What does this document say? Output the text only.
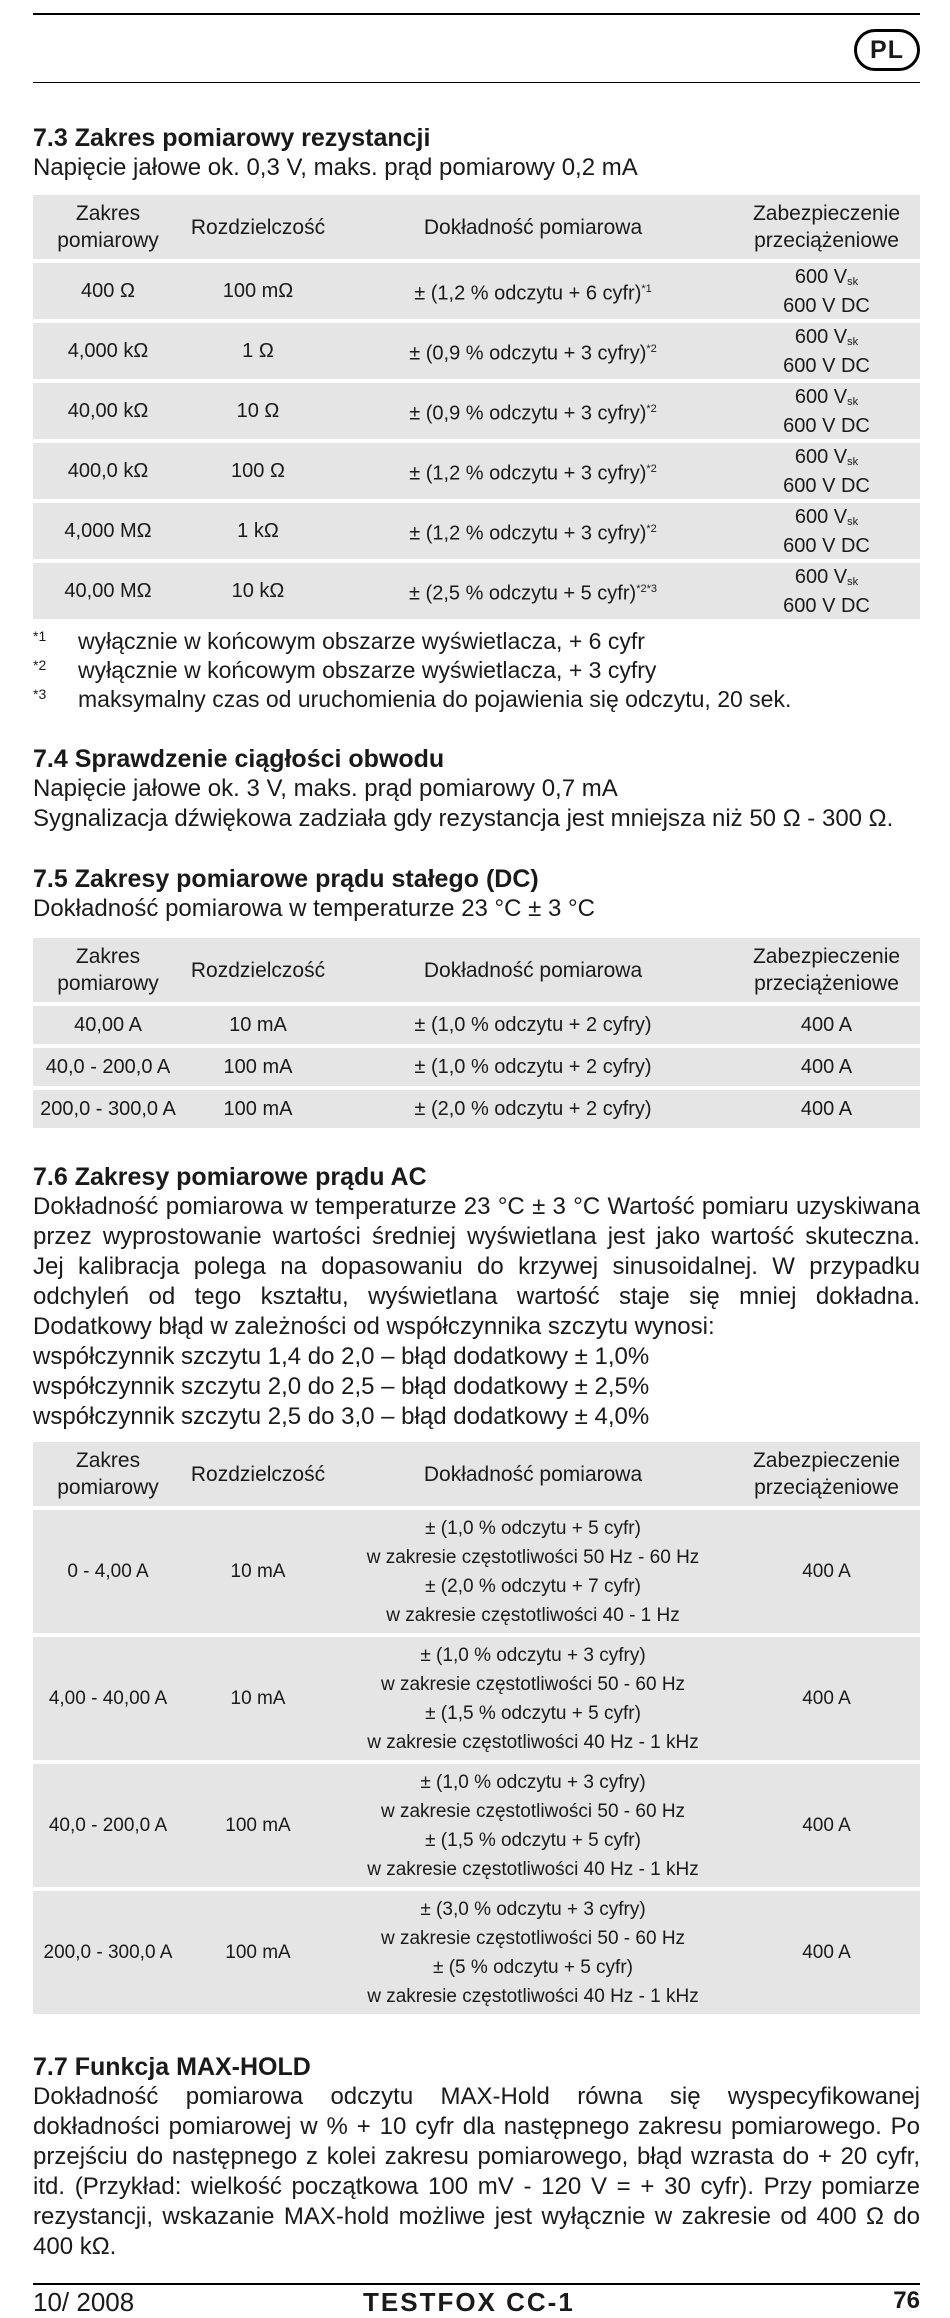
PL
7.3 Zakres pomiarowy rezystancji

Napięcie jałowe ok. 0,3 V, maks. prąd pomiarowy 0,2 mA

Zakres pomiarowy	Rozdzielczość	Dokładność pomiarowa	Zabezpieczenie przeciążeniowe
400 Ω	100 mΩ	± (1,2 % odczytu + 6 cyfr)$^{*1}$	600 $V_{sk}$
600 V DC

4,000 kΩ	1 Ω	± (0,9 % odczytu + 3 cyfry)$^{*2}$	600 $V_{sk}$
600 V DC

40,00 kΩ	10 Ω	± (0,9 % odczytu + 3 cyfry)$^{*2}$	600 $V_{sk}$
600 V DC

400,0 kΩ	100 Ω	± (1,2 % odczytu + 3 cyfry)$^{*2}$	600 $V_{sk}$
600 V DC

4,000 MΩ	1 kΩ	± (1,2 % odczytu + 3 cyfry)$^{*2}$	600 $V_{sk}$
600 V DC

40,00 MΩ	10 kΩ	± (2,5 % odczytu + 5 cyfr)$^{*2*3}$	600 $V_{sk}$
600 V DC
*1	wyłącznie w końcowym obszarze wyświetlacza, + 6 cyfr
*2	wyłącznie w końcowym obszarze wyświetlacza, + 3 cyfry
*3	maksymalny czas od uruchomienia do pojawienia się odczytu, 20 sek.
7.4 Sprawdzenie ciągłości obwodu

Napięcie jałowe ok. 3 V, maks. prąd pomiarowy 0,7 mA

Sygnalizacja dźwiękowa zadziała gdy rezystancja jest mniejsza niż 50 Ω - 300 Ω.

7.5 Zakresy pomiarowe prądu stałego (DC)

Dokładność pomiarowa w temperaturze 23 °C ± 3 °C

Zakres pomiarowy	Rozdzielczość	Dokładność pomiarowa	Zabezpieczenie przeciążeniowe
40,00 A	10 mA	± (1,0 % odczytu + 2 cyfry)	400 A
40,0 - 200,0 A	100 mA	± (1,0 % odczytu + 2 cyfry)	400 A
200,0 - 300,0 A	100 mA	± (2,0 % odczytu + 2 cyfry)	400 A
7.6 Zakresy pomiarowe prądu AC

Dokładność pomiarowa w temperaturze 23 °C ± 3 °C Wartość pomiaru uzyskiwana przez wyprostowanie wartości średniej wyświetlana jest jako wartość skuteczna. Jej kalibracja polega na dopasowaniu do krzywej sinusoidalnej. W przypadku odchyleń od tego kształtu, wyświetlana wartość staje się mniej dokładna. Dodatkowy błąd w zależności od współczynnika szczytu wynosi:

współczynnik szczytu 1,4 do 2,0 – błąd dodatkowy ± 1,0%

współczynnik szczytu 2,0 do 2,5 – błąd dodatkowy ± 2,5%

współczynnik szczytu 2,5 do 3,0 – błąd dodatkowy ± 4,0%

Zakres pomiarowy	Rozdzielczość	Dokładność pomiarowa	Zabezpieczenie przeciążeniowe
0 - 4,00 A	10 mA	± (1,0 % odczytu + 5 cyfr)
w zakresie częstotliwości 50 Hz - 60 Hz
± (2,0 % odczytu + 7 cyfr)
w zakresie częstotliwości 40 - 1 Hz	400 A
4,00 - 40,00 A	10 mA	± (1,0 % odczytu + 3 cyfry)
w zakresie częstotliwości 50 - 60 Hz
± (1,5 % odczytu + 5 cyfr)
w zakresie częstotliwości 40 Hz - 1 kHz	400 A
40,0 - 200,0 A	100 mA	± (1,0 % odczytu + 3 cyfry)
w zakresie częstotliwości 50 - 60 Hz
± (1,5 % odczytu + 5 cyfr)
w zakresie częstotliwości 40 Hz - 1 kHz	400 A
200,0 - 300,0 A	100 mA	± (3,0 % odczytu + 3 cyfry)
w zakresie częstotliwości 50 - 60 Hz
± (5 % odczytu + 5 cyfr)
w zakresie częstotliwości 40 Hz - 1 kHz	400 A
7.7 Funkcja MAX-HOLD

Dokładność pomiarowa odczytu MAX-Hold równa się wyspecyfikowanej dokładności pomiarowej w % + 10 cyfr dla następnego zakresu pomiarowego. Po przejściu do następnego z kolei zakresu pomiarowego, błąd wzrasta do + 20 cyfr, itd. (Przykład: wielkość początkowa 100 mV - 120 V = + 30 cyfr). Przy pomiarze rezystancji, wskazanie MAX-hold możliwe jest wyłącznie w zakresie od 400 Ω do 400 kΩ.

10/ 2008	TESTFOX CC-1	76
